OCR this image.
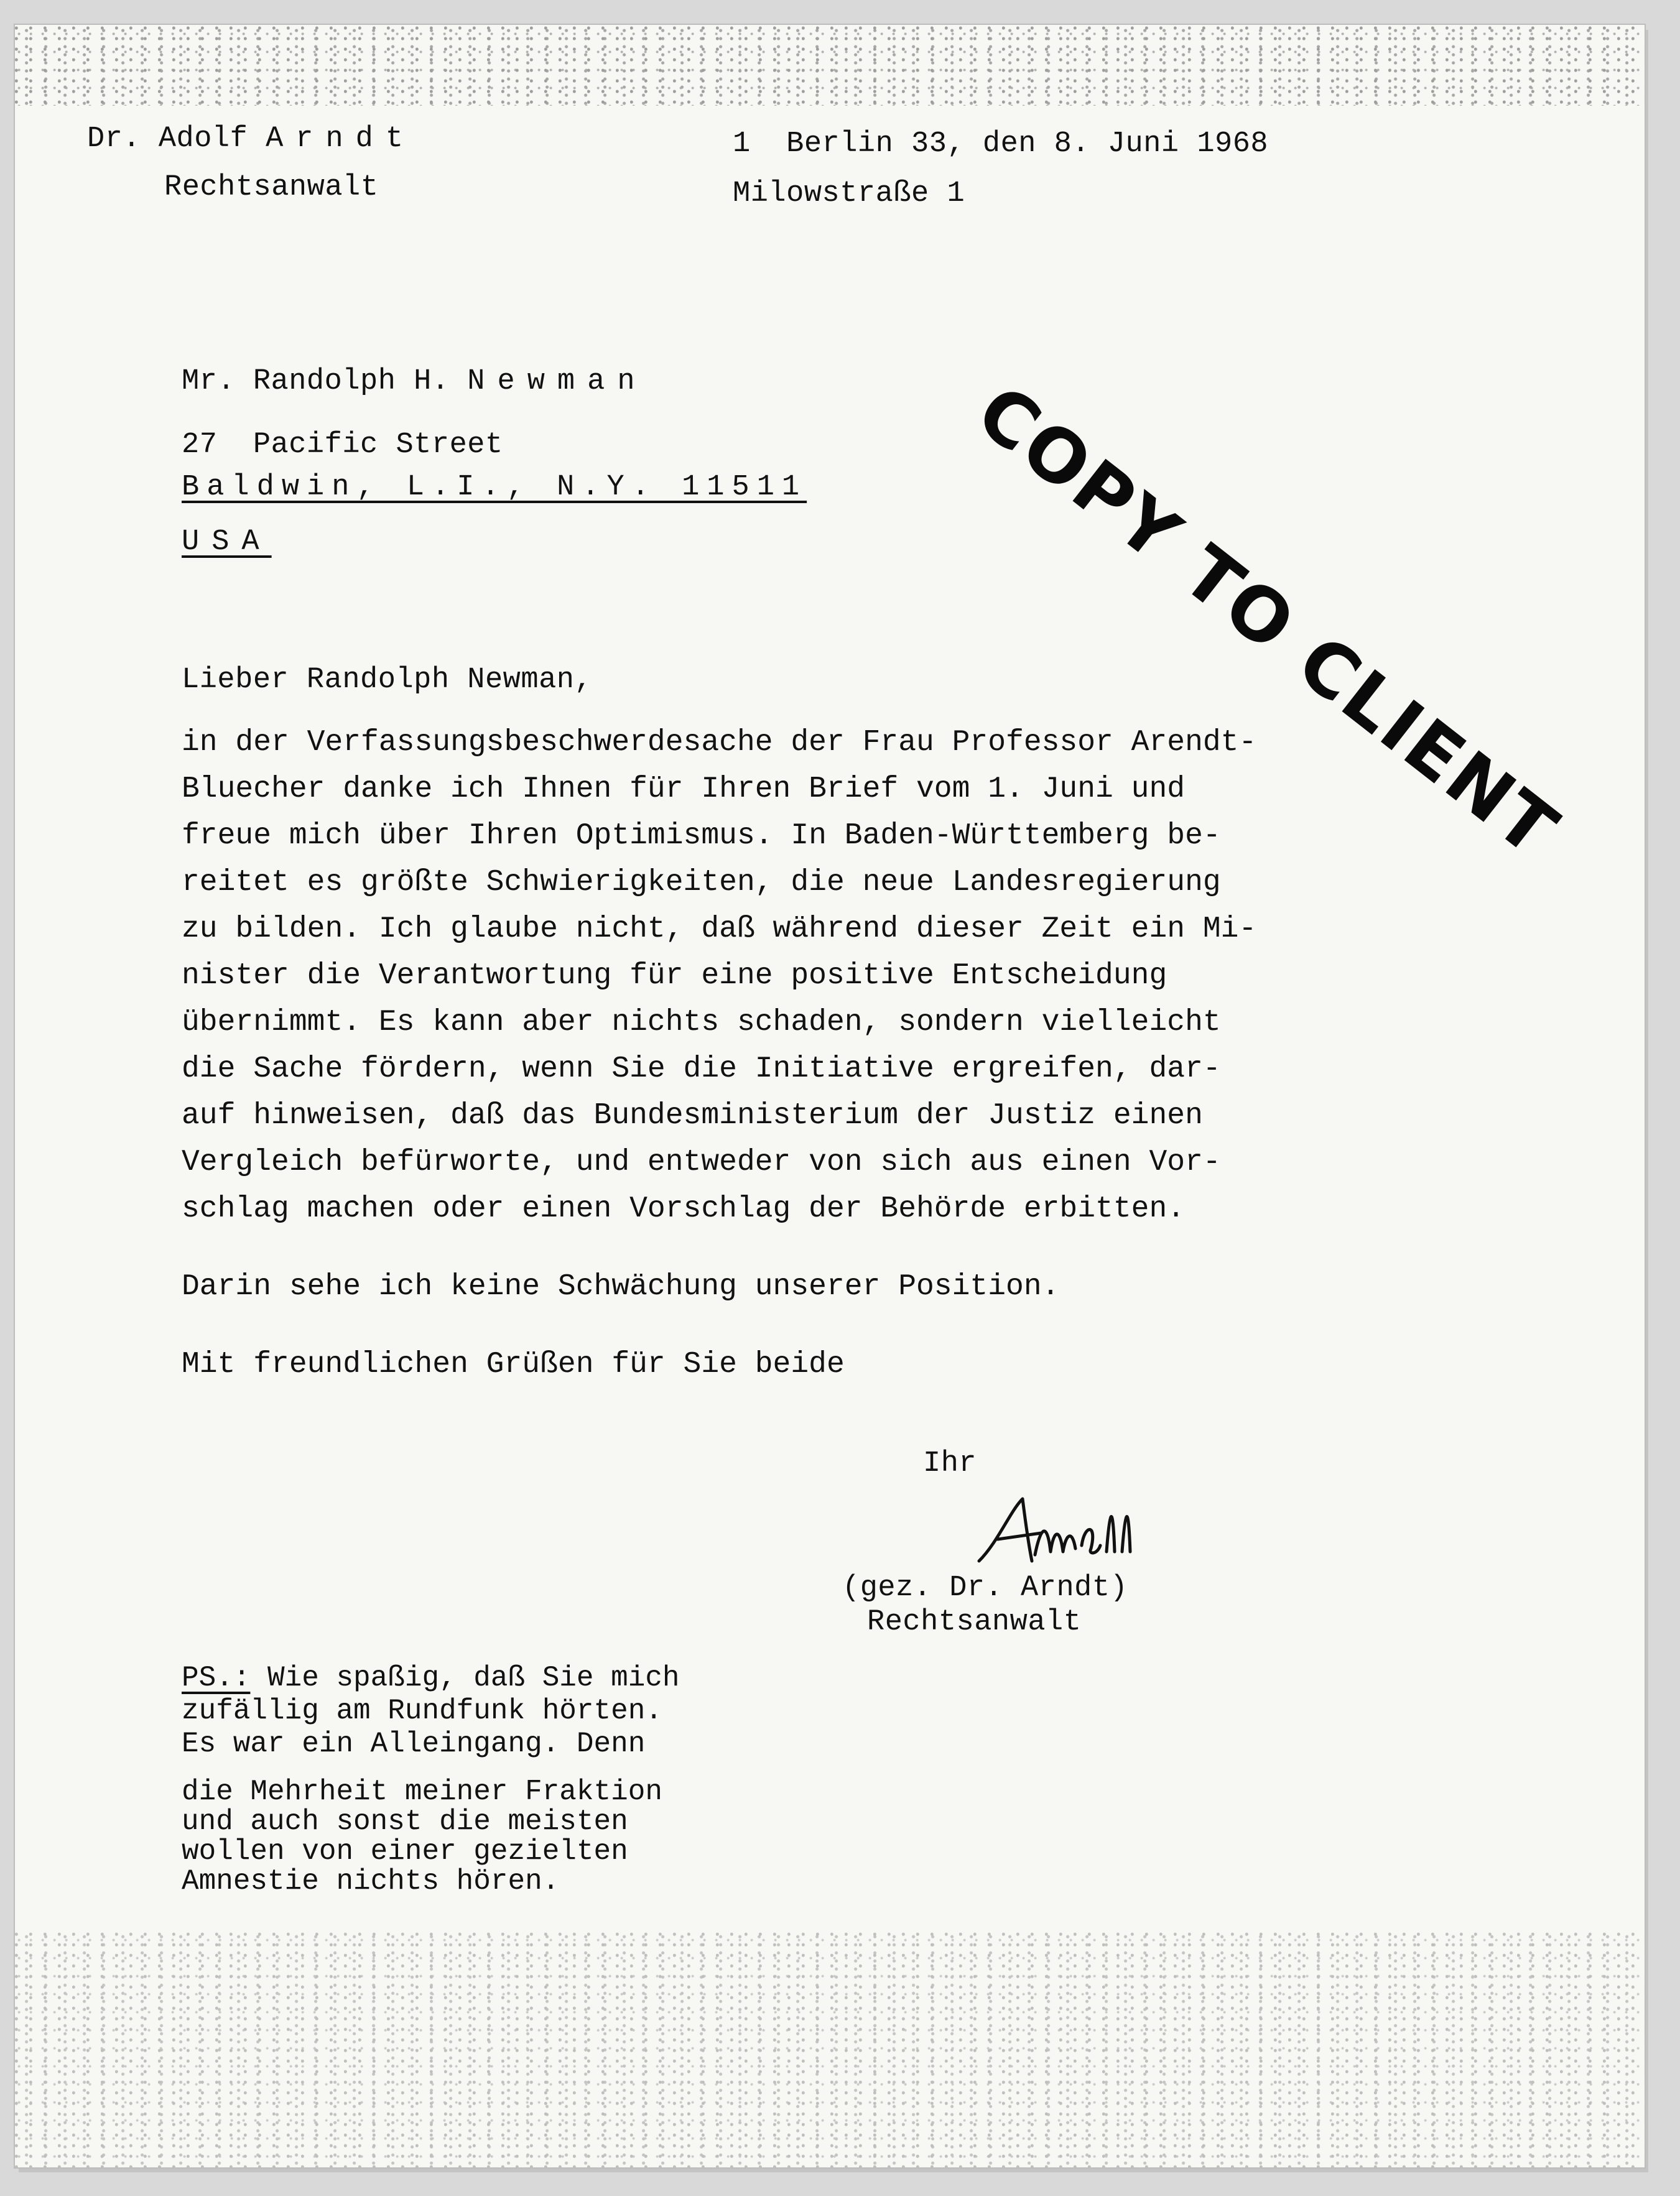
Dr. Adolf Arndt
Rechtsanwalt
1  Berlin 33, den 8. Juni 1968
Milowstraße 1
COPY TO CLIENT
Mr. Randolph H. Newman
27  Pacific Street
Baldwin, L.I., N.Y. 11511
USA
Lieber Randolph Newman,
in der Verfassungsbeschwerdesache der Frau Professor Arendt-
Bluecher danke ich Ihnen für Ihren Brief vom 1. Juni und
freue mich über Ihren Optimismus. In Baden-Württemberg be-
reitet es größte Schwierigkeiten, die neue Landesregierung
zu bilden. Ich glaube nicht, daß während dieser Zeit ein Mi-
nister die Verantwortung für eine positive Entscheidung
übernimmt. Es kann aber nichts schaden, sondern vielleicht
die Sache fördern, wenn Sie die Initiative ergreifen, dar-
auf hinweisen, daß das Bundesministerium der Justiz einen
Vergleich befürworte, und entweder von sich aus einen Vor-
schlag machen oder einen Vorschlag der Behörde erbitten.
Darin sehe ich keine Schwächung unserer Position.
Mit freundlichen Grüßen für Sie beide
Ihr
(gez. Dr. Arndt)
Rechtsanwalt
PS.: Wie spaßig, daß Sie mich
zufällig am Rundfunk hörten.
Es war ein Alleingang. Denn
die Mehrheit meiner Fraktion
und auch sonst die meisten
wollen von einer gezielten
Amnestie nichts hören.
